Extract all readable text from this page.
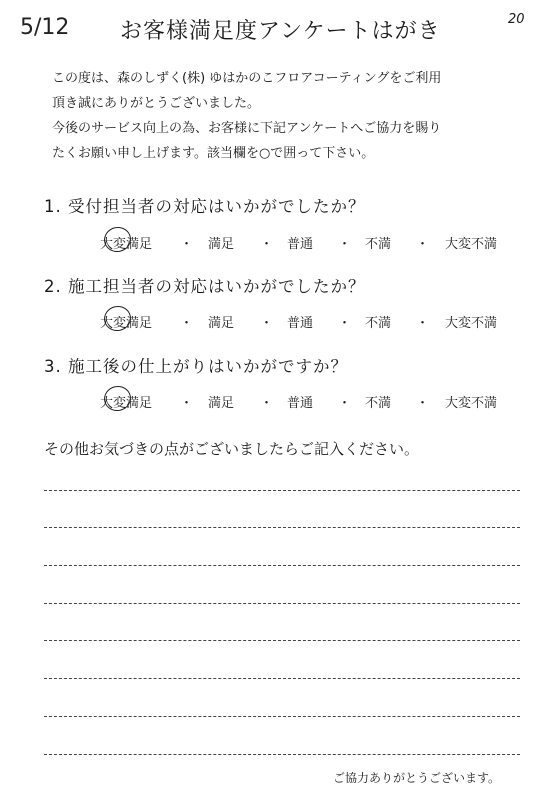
5/12	20
お客様満足度アンケートはがき
この度は、森のしずく(株) ゆはかのこフロアコーティングをご利用
頂き誠にありがとうございました。
今後のサービス向上の為、お客様に下記アンケートへご協力を賜り
たくお願い申し上げます。該当欄を○で囲って下さい。
1. 受付担当者の対応はいかがでしたか？
大変満足 ・ 満足 ・ 普通 ・ 不満 ・ 大変不満
2. 施工担当者の対応はいかがでしたか？
大変満足 ・ 満足 ・ 普通 ・ 不満 ・ 大変不満
3. 施工後の仕上がりはいかがですか？
大変満足 ・ 満足 ・ 普通 ・ 不満 ・ 大変不満
その他お気づきの点がございましたらご記入ください。
ご協力ありがとうございます。
